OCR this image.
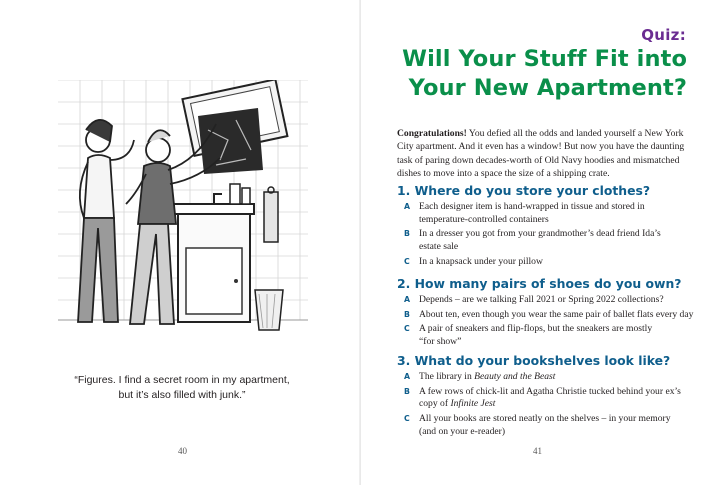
“Figures. I find a secret room in my apartment,
but it’s also filled with junk.”
40
Quiz:
Will Your Stuff Fit into
Your New Apartment?

Congratulations! You defied all the odds and landed yourself a New York

City apartment. And it even has a window! But now you have the daunting

task of paring down decades-worth of Old Navy hoodies and mismatched

dishes to move into a space the size of a shipping crate.

1. Where do you store your clothes?
A Each designer item is hand-wrapped in tissue and stored in
temperature-controlled containers
B In a dresser you got from your grandmother’s dead friend Ida’s
estate sale
C In a knapsack under your pillow
2. How many pairs of shoes do you own?
A Depends – are we talking Fall 2021 or Spring 2022 collections?
B About ten, even though you wear the same pair of ballet flats every day
C A pair of sneakers and flip-flops, but the sneakers are mostly
“for show”
3. What do your bookshelves look like?
A The library in Beauty and the Beast
B A few rows of chick-lit and Agatha Christie tucked behind your ex’s
copy of Infinite Jest
C All your books are stored neatly on the shelves – in your memory
(and on your e-reader)
41
